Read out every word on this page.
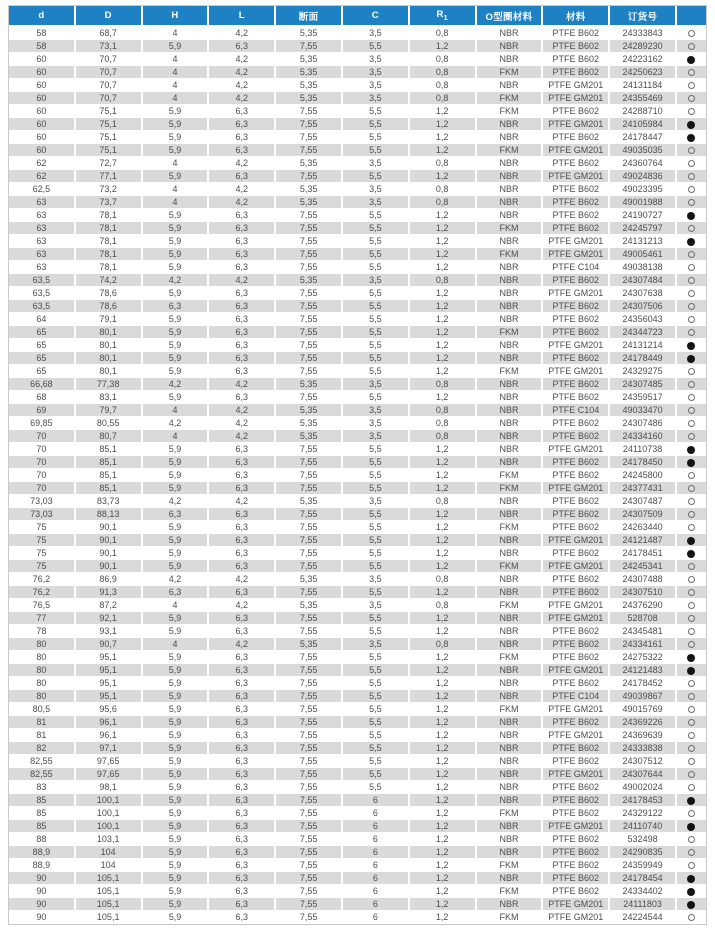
d	D	H	L	断面	C	$R_1$	O型圈材料	材料	订货号	
58	68,7	4	4,2	5,35	3,5	0,8	NBR	PTFE B602	24333843	
58	73,1	5,9	6,3	7,55	5,5	1,2	NBR	PTFE B602	24289230	
60	70,7	4	4,2	5,35	3,5	0,8	NBR	PTFE B602	24223162	
60	70,7	4	4,2	5,35	3,5	0,8	FKM	PTFE B602	24250623	
60	70,7	4	4,2	5,35	3,5	0,8	NBR	PTFE GM201	24131184	
60	70,7	4	4,2	5,35	3,5	0,8	FKM	PTFE GM201	24355469	
60	75,1	5,9	6,3	7,55	5,5	1,2	FKM	PTFE B602	24288710	
60	75,1	5,9	6,3	7,55	5,5	1,2	NBR	PTFE GM201	24105984	
60	75,1	5,9	6,3	7,55	5,5	1,2	NBR	PTFE B602	24178447	
60	75,1	5,9	6,3	7,55	5,5	1,2	FKM	PTFE GM201	49035035	
62	72,7	4	4,2	5,35	3,5	0,8	NBR	PTFE B602	24360764	
62	77,1	5,9	6,3	7,55	5,5	1,2	NBR	PTFE GM201	49024836	
62,5	73,2	4	4,2	5,35	3,5	0,8	NBR	PTFE B602	49023395	
63	73,7	4	4,2	5,35	3,5	0,8	NBR	PTFE B602	49001988	
63	78,1	5,9	6,3	7,55	5,5	1,2	NBR	PTFE B602	24190727	
63	78,1	5,9	6,3	7,55	5,5	1,2	FKM	PTFE B602	24245797	
63	78,1	5,9	6,3	7,55	5,5	1,2	NBR	PTFE GM201	24131213	
63	78,1	5,9	6,3	7,55	5,5	1,2	FKM	PTFE GM201	49005461	
63	78,1	5,9	6,3	7,55	5,5	1,2	NBR	PTFE C104	49038138	
63,5	74,2	4,2	4,2	5,35	3,5	0,8	NBR	PTFE B602	24307484	
63,5	78,6	5,9	6,3	7,55	5,5	1,2	NBR	PTFE GM201	24307638	
63,5	78,6	6,3	6,3	7,55	5,5	1,2	NBR	PTFE B602	24307506	
64	79,1	5,9	6,3	7,55	5,5	1,2	NBR	PTFE B602	24356043	
65	80,1	5,9	6,3	7,55	5,5	1,2	FKM	PTFE B602	24344723	
65	80,1	5,9	6,3	7,55	5,5	1,2	NBR	PTFE GM201	24131214	
65	80,1	5,9	6,3	7,55	5,5	1,2	NBR	PTFE B602	24178449	
65	80,1	5,9	6,3	7,55	5,5	1,2	FKM	PTFE GM201	24329275	
66,68	77,38	4,2	4,2	5,35	3,5	0,8	NBR	PTFE B602	24307485	
68	83,1	5,9	6,3	7,55	5,5	1,2	NBR	PTFE B602	24359517	
69	79,7	4	4,2	5,35	3,5	0,8	NBR	PTFE C104	49033470	
69,85	80,55	4,2	4,2	5,35	3,5	0,8	NBR	PTFE B602	24307486	
70	80,7	4	4,2	5,35	3,5	0,8	NBR	PTFE B602	24334160	
70	85,1	5,9	6,3	7,55	5,5	1,2	NBR	PTFE GM201	24110738	
70	85,1	5,9	6,3	7,55	5,5	1,2	NBR	PTFE B602	24178450	
70	85,1	5,9	6,3	7,55	5,5	1,2	FKM	PTFE B602	24245800	
70	85,1	5,9	6,3	7,55	5,5	1,2	FKM	PTFE GM201	24377431	
73,03	83,73	4,2	4,2	5,35	3,5	0,8	NBR	PTFE B602	24307487	
73,03	88,13	6,3	6,3	7,55	5,5	1,2	NBR	PTFE B602	24307509	
75	90,1	5,9	6,3	7,55	5,5	1,2	FKM	PTFE B602	24263440	
75	90,1	5,9	6,3	7,55	5,5	1,2	NBR	PTFE GM201	24121487	
75	90,1	5,9	6,3	7,55	5,5	1,2	NBR	PTFE B602	24178451	
75	90,1	5,9	6,3	7,55	5,5	1,2	FKM	PTFE GM201	24245341	
76,2	86,9	4,2	4,2	5,35	3,5	0,8	NBR	PTFE B602	24307488	
76,2	91,3	6,3	6,3	7,55	5,5	1,2	NBR	PTFE B602	24307510	
76,5	87,2	4	4,2	5,35	3,5	0,8	FKM	PTFE GM201	24376290	
77	92,1	5,9	6,3	7,55	5,5	1,2	NBR	PTFE GM201	528708	
78	93,1	5,9	6,3	7,55	5,5	1,2	NBR	PTFE B602	24345481	
80	90,7	4	4,2	5,35	3,5	0,8	NBR	PTFE B602	24334161	
80	95,1	5,9	6,3	7,55	5,5	1,2	FKM	PTFE B602	24275322	
80	95,1	5,9	6,3	7,55	5,5	1,2	NBR	PTFE GM201	24121483	
80	95,1	5,9	6,3	7,55	5,5	1,2	NBR	PTFE B602	24178452	
80	95,1	5,9	6,3	7,55	5,5	1,2	NBR	PTFE C104	49039867	
80,5	95,6	5,9	6,3	7,55	5,5	1,2	FKM	PTFE GM201	49015769	
81	96,1	5,9	6,3	7,55	5,5	1,2	NBR	PTFE B602	24369226	
81	96,1	5,9	6,3	7,55	5,5	1,2	NBR	PTFE GM201	24369639	
82	97,1	5,9	6,3	7,55	5,5	1,2	NBR	PTFE B602	24333838	
82,55	97,65	5,9	6,3	7,55	5,5	1,2	NBR	PTFE B602	24307512	
82,55	97,65	5,9	6,3	7,55	5,5	1,2	NBR	PTFE GM201	24307644	
83	98,1	5,9	6,3	7,55	5,5	1,2	NBR	PTFE B602	49002024	
85	100,1	5,9	6,3	7,55	6	1,2	NBR	PTFE B602	24178453	
85	100,1	5,9	6,3	7,55	6	1,2	FKM	PTFE B602	24329122	
85	100,1	5,9	6,3	7,55	6	1,2	NBR	PTFE GM201	24110740	
88	103,1	5,9	6,3	7,55	6	1,2	NBR	PTFE B602	532498	
88,9	104	5,9	6,3	7,55	6	1,2	NBR	PTFE B602	24290835	
88,9	104	5,9	6,3	7,55	6	1,2	FKM	PTFE B602	24359949	
90	105,1	5,9	6,3	7,55	6	1,2	NBR	PTFE B602	24178454	
90	105,1	5,9	6,3	7,55	6	1,2	FKM	PTFE B602	24334402	
90	105,1	5,9	6,3	7,55	6	1,2	NBR	PTFE GM201	24111803	
90	105,1	5,9	6,3	7,55	6	1,2	FKM	PTFE GM201	24224544	
